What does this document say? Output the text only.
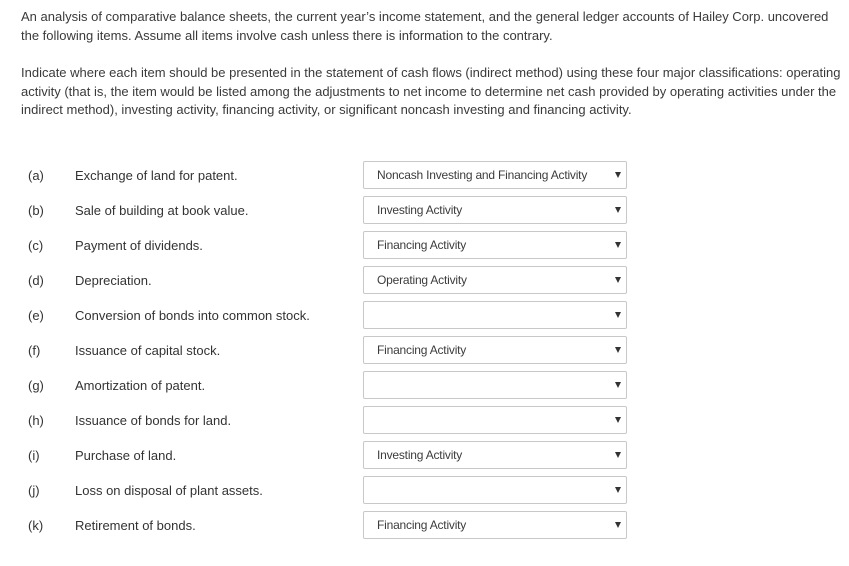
An analysis of comparative balance sheets, the current year’s income statement, and the general ledger accounts of Hailey Corp. uncovered the following items. Assume all items involve cash unless there is information to the contrary.

Indicate where each item should be presented in the statement of cash flows (indirect method) using these four major classifications: operating activity (that is, the item would be listed among the adjustments to net income to determine net cash provided by operating activities under the indirect method), investing activity, financing activity, or significant noncash investing and financing activity.

(a) Exchange of land for patent.	Noncash Investing and Financing Activity
(b) Sale of building at book value.	Investing Activity
(c) Payment of dividends.	Financing Activity
(d) Depreciation.	Operating Activity
(e) Conversion of bonds into common stock.
(f)	Issuance of capital stock.	Financing Activity
(g) Amortization of patent.
(h) Issuance of bonds for land.
(i)	Purchase of land.	Investing Activity
(j)	Loss on disposal of plant assets.
(k) Retirement of bonds.	Financing Activity
